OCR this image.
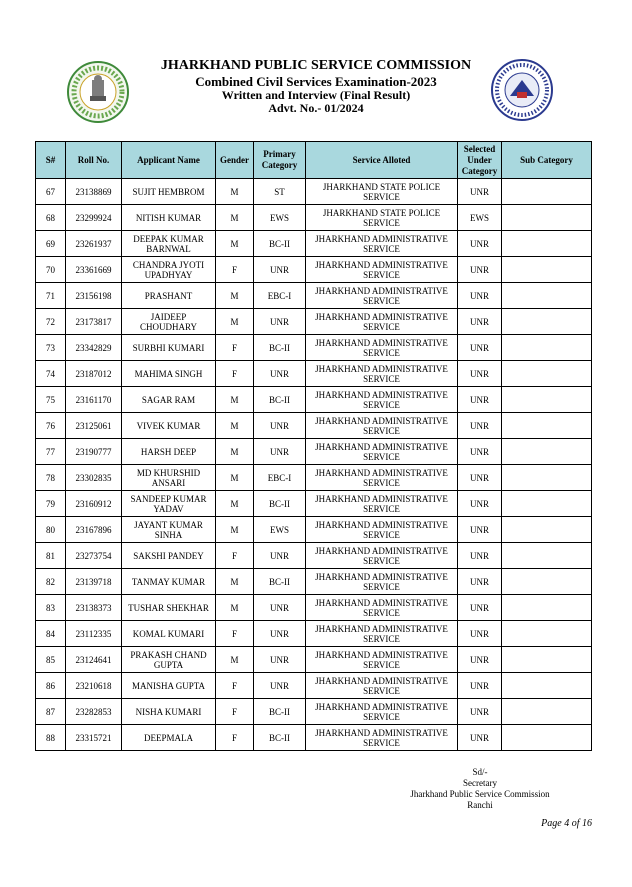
JHARKHAND PUBLIC SERVICE COMMISSION
Combined Civil Services Examination-2023
Written and Interview (Final Result)
Advt. No.- 01/2024
S#	Roll No.	Applicant Name	Gender	Primary Category	Service Alloted	Selected Under Category	Sub Category
67	23138869	SUJIT HEMBROM	M	ST	JHARKHAND STATE POLICE SERVICE	UNR	
68	23299924	NITISH KUMAR	M	EWS	JHARKHAND STATE POLICE SERVICE	EWS	
69	23261937	DEEPAK KUMAR BARNWAL	M	BC-II	JHARKHAND ADMINISTRATIVE SERVICE	UNR	
70	23361669	CHANDRA JYOTI UPADHYAY	F	UNR	JHARKHAND ADMINISTRATIVE SERVICE	UNR	
71	23156198	PRASHANT	M	EBC-I	JHARKHAND ADMINISTRATIVE SERVICE	UNR	
72	23173817	JAIDEEP CHOUDHARY	M	UNR	JHARKHAND ADMINISTRATIVE SERVICE	UNR	
73	23342829	SURBHI KUMARI	F	BC-II	JHARKHAND ADMINISTRATIVE SERVICE	UNR	
74	23187012	MAHIMA SINGH	F	UNR	JHARKHAND ADMINISTRATIVE SERVICE	UNR	
75	23161170	SAGAR RAM	M	BC-II	JHARKHAND ADMINISTRATIVE SERVICE	UNR	
76	23125061	VIVEK KUMAR	M	UNR	JHARKHAND ADMINISTRATIVE SERVICE	UNR	
77	23190777	HARSH DEEP	M	UNR	JHARKHAND ADMINISTRATIVE SERVICE	UNR	
78	23302835	MD KHURSHID ANSARI	M	EBC-I	JHARKHAND ADMINISTRATIVE SERVICE	UNR	
79	23160912	SANDEEP KUMAR YADAV	M	BC-II	JHARKHAND ADMINISTRATIVE SERVICE	UNR	
80	23167896	JAYANT KUMAR SINHA	M	EWS	JHARKHAND ADMINISTRATIVE SERVICE	UNR	
81	23273754	SAKSHI PANDEY	F	UNR	JHARKHAND ADMINISTRATIVE SERVICE	UNR	
82	23139718	TANMAY KUMAR	M	BC-II	JHARKHAND ADMINISTRATIVE SERVICE	UNR	
83	23138373	TUSHAR SHEKHAR	M	UNR	JHARKHAND ADMINISTRATIVE SERVICE	UNR	
84	23112335	KOMAL KUMARI	F	UNR	JHARKHAND ADMINISTRATIVE SERVICE	UNR	
85	23124641	PRAKASH CHAND GUPTA	M	UNR	JHARKHAND ADMINISTRATIVE SERVICE	UNR	
86	23210618	MANISHA GUPTA	F	UNR	JHARKHAND ADMINISTRATIVE SERVICE	UNR	
87	23282853	NISHA KUMARI	F	BC-II	JHARKHAND ADMINISTRATIVE SERVICE	UNR	
88	23315721	DEEPMALA	F	BC-II	JHARKHAND ADMINISTRATIVE SERVICE	UNR	
Sd/-
Secretary
Jharkhand Public Service Commission
Ranchi
Page 4 of 16
